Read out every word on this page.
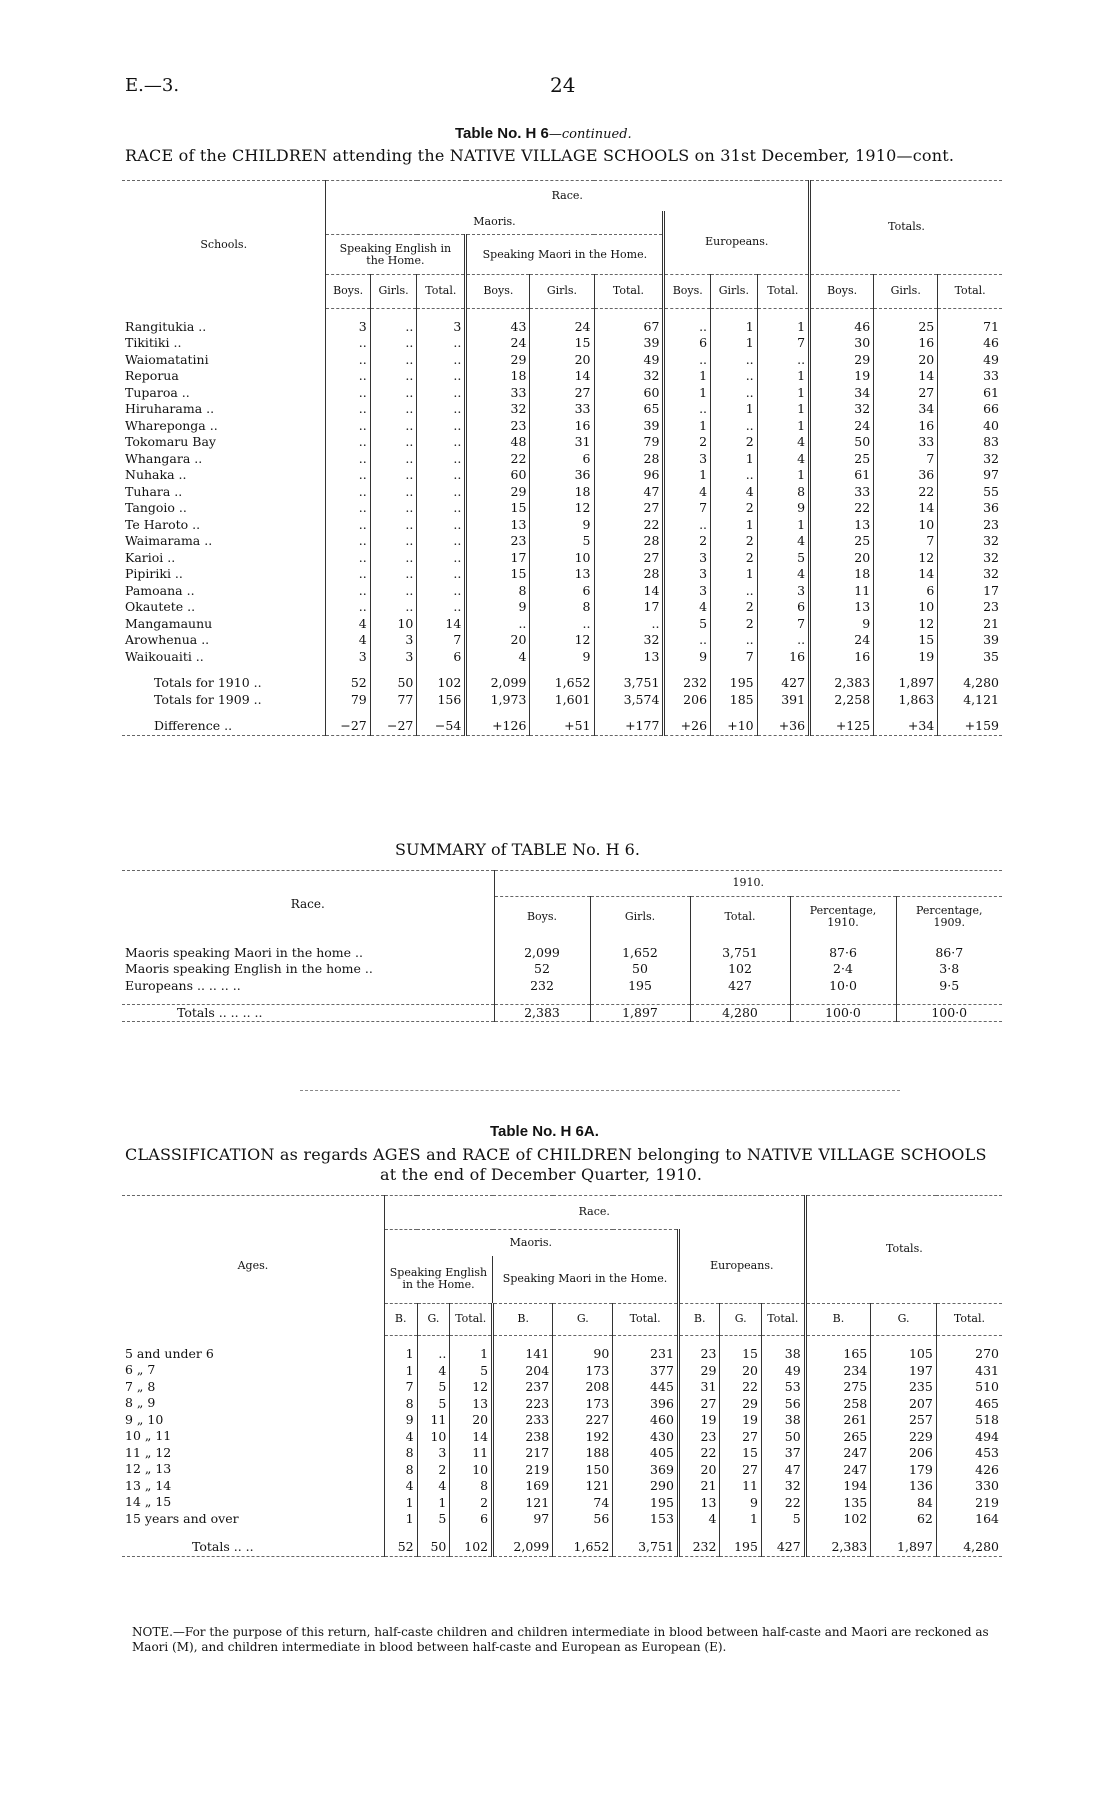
E.—3.	24
Table No. H 6—continued.
RACE of the CHILDREN attending the NATIVE VILLAGE SCHOOLS on 31st December, 1910—cont.
Schools.	Race.									Totals.		
	Maoris.						Europeans.					
	Speaking English in the Home.			Speaking Maori in the Home.								
	Boys.	Girls.	Total.	Boys.	Girls.	Total.	Boys.	Girls.	Total.	Boys.	Girls.	Total.

Rangitukia ..	3	..	3	43	24	67	..	1	1	46	25	71
Tikitiki ..	..	..	..	24	15	39	6	1	7	30	16	46
Waiomatatini	..	..	..	29	20	49	..	..	..	29	20	49
Reporua	..	..	..	18	14	32	1	..	1	19	14	33
Tuparoa ..	..	..	..	33	27	60	1	..	1	34	27	61
Hiruharama ..	..	..	..	32	33	65	..	1	1	32	34	66
Whareponga ..	..	..	..	23	16	39	1	..	1	24	16	40
Tokomaru Bay	..	..	..	48	31	79	2	2	4	50	33	83
Whangara ..	..	..	..	22	6	28	3	1	4	25	7	32
Nuhaka ..	..	..	..	60	36	96	1	..	1	61	36	97
Tuhara ..	..	..	..	29	18	47	4	4	8	33	22	55
Tangoio ..	..	..	..	15	12	27	7	2	9	22	14	36
Te Haroto ..	..	..	..	13	9	22	..	1	1	13	10	23
Waimarama ..	..	..	..	23	5	28	2	2	4	25	7	32
Karioi ..	..	..	..	17	10	27	3	2	5	20	12	32
Pipiriki ..	..	..	..	15	13	28	3	1	4	18	14	32
Pamoana ..	..	..	..	8	6	14	3	..	3	11	6	17
Okautete ..	..	..	..	9	8	17	4	2	6	13	10	23
Mangamaunu	4	10	14	..	..	..	5	2	7	9	12	21
Arowhenua ..	4	3	7	20	12	32	..	..	..	24	15	39
Waikouaiti ..	3	3	6	4	9	13	9	7	16	16	19	35

Totals for 1910 ..	52	50	102	2,099	1,652	3,751	232	195	427	2,383	1,897	4,280
Totals for 1909 ..	79	77	156	1,973	1,601	3,574	206	185	391	2,258	1,863	4,121

Difference ..	−27	−27	−54	+126	+51	+177	+26	+10	+36	+125	+34	+159
SUMMARY of TABLE No. H 6.
Race.	1910.				
	Boys.	Girls.	Total.	Percentage, 1910.	Percentage, 1909.

Maoris speaking Maori in the home ..	2,099	1,652	3,751	87·6	86·7
Maoris speaking English in the home ..	52	50	102	2·4	3·8
Europeans .. .. .. ..	232	195	427	10·0	9·5

Totals .. .. .. ..	2,383	1,897	4,280	100·0	100·0
Table No. H 6A.
CLASSIFICATION as regards AGES and RACE of CHILDREN belonging to NATIVE VILLAGE SCHOOLS
at the end of December Quarter, 1910.
Ages.	Race.									Totals.		
	Maoris.						Europeans.					
	Speaking English in the Home.			Speaking Maori in the Home.								
	B.	G.	Total.	B.	G.	Total.	B.	G.	Total.	B.	G.	Total.

5 and under 6	1	..	1	141	90	231	23	15	38	165	105	270
6 „ 7	1	4	5	204	173	377	29	20	49	234	197	431
7 „ 8	7	5	12	237	208	445	31	22	53	275	235	510
8 „ 9	8	5	13	223	173	396	27	29	56	258	207	465
9 „ 10	9	11	20	233	227	460	19	19	38	261	257	518
10 „ 11	4	10	14	238	192	430	23	27	50	265	229	494
11 „ 12	8	3	11	217	188	405	22	15	37	247	206	453
12 „ 13	8	2	10	219	150	369	20	27	47	247	179	426
13 „ 14	4	4	8	169	121	290	21	11	32	194	136	330
14 „ 15	1	1	2	121	74	195	13	9	22	135	84	219
15 years and over	1	5	6	97	56	153	4	1	5	102	62	164

Totals .. ..	52	50	102	2,099	1,652	3,751	232	195	427	2,383	1,897	4,280
NOTE.—For the purpose of this return, half-caste children and children intermediate in blood between half-caste and Maori are reckoned as Maori (M), and children intermediate in blood between half-caste and European as European (E).
